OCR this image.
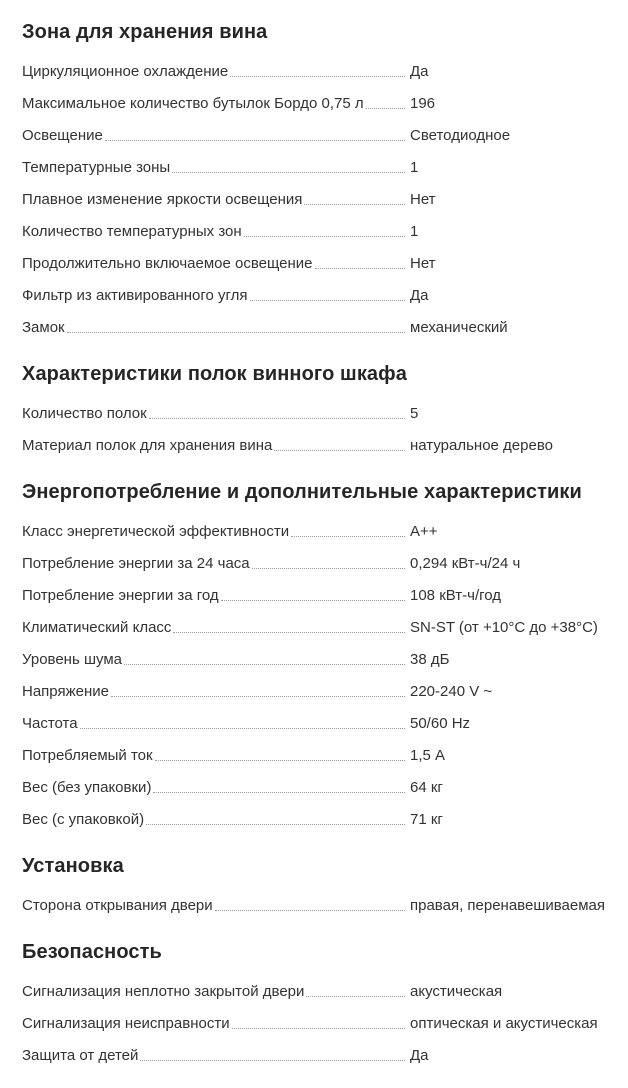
Зона для хранения вина
Циркуляционное охлаждение	Да
Максимальное количество бутылок Бордо 0,75 л	196
Освещение	Светодиодное
Температурные зоны	1
Плавное изменение яркости освещения	Нет
Количество температурных зон	1
Продолжительно включаемое освещение	Нет
Фильтр из активированного угля	Да
Замок	механический
Характеристики полок винного шкафа
Количество полок	5
Материал полок для хранения вина	натуральное дерево
Энергопотребление и дополнительные характеристики
Класс энергетической эффективности	A++
Потребление энергии за 24 часа	0,294 кВт-ч/24 ч
Потребление энергии за год	108 кВт-ч/год
Климатический класс	SN-ST (от +10°C до +38°C)
Уровень шума	38 дБ
Напряжение	220-240 V ~
Частота	50/60 Hz
Потребляемый ток	1,5 А
Вес (без упаковки)	64 кг
Вес (с упаковкой)	71 кг
Установка
Сторона открывания двери	правая, перенавешиваемая
Безопасность
Сигнализация неплотно закрытой двери	акустическая
Сигнализация неисправности	оптическая и акустическая
Защита от детей	Да
